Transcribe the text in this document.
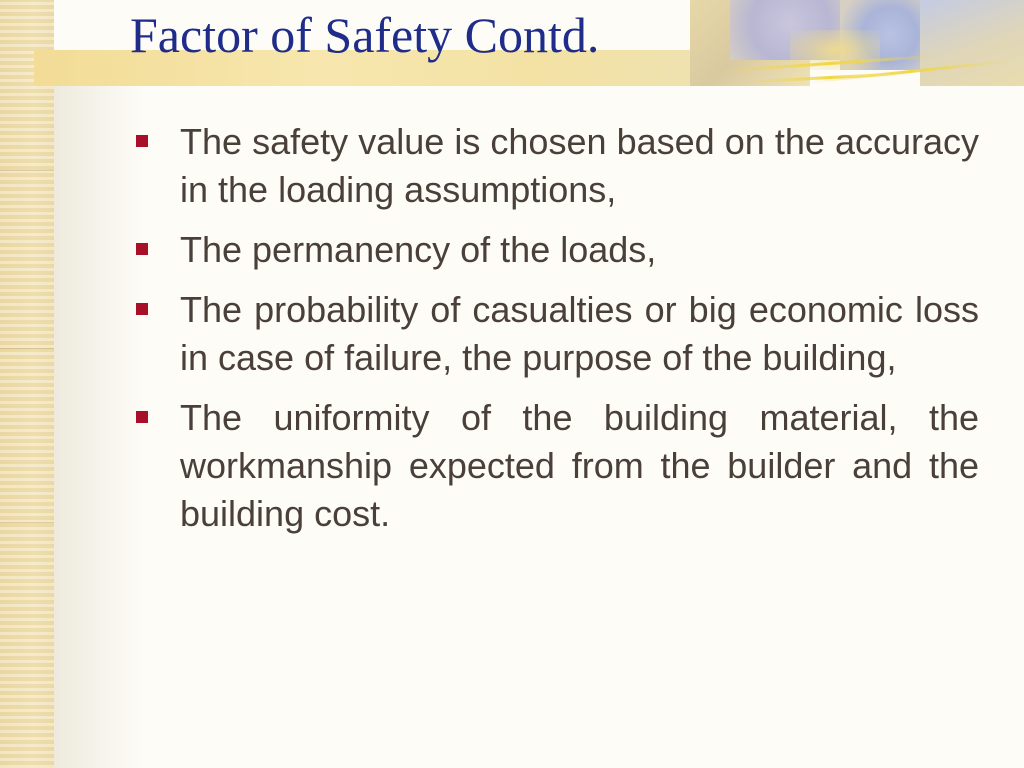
Factor of Safety Contd.
The safety value is chosen based on the accuracy in the loading assumptions,
The permanency of the loads,
The probability of casualties or big economic loss in case of failure, the purpose of the building,
The uniformity of the building material, the workmanship expected from the builder and the building cost.
